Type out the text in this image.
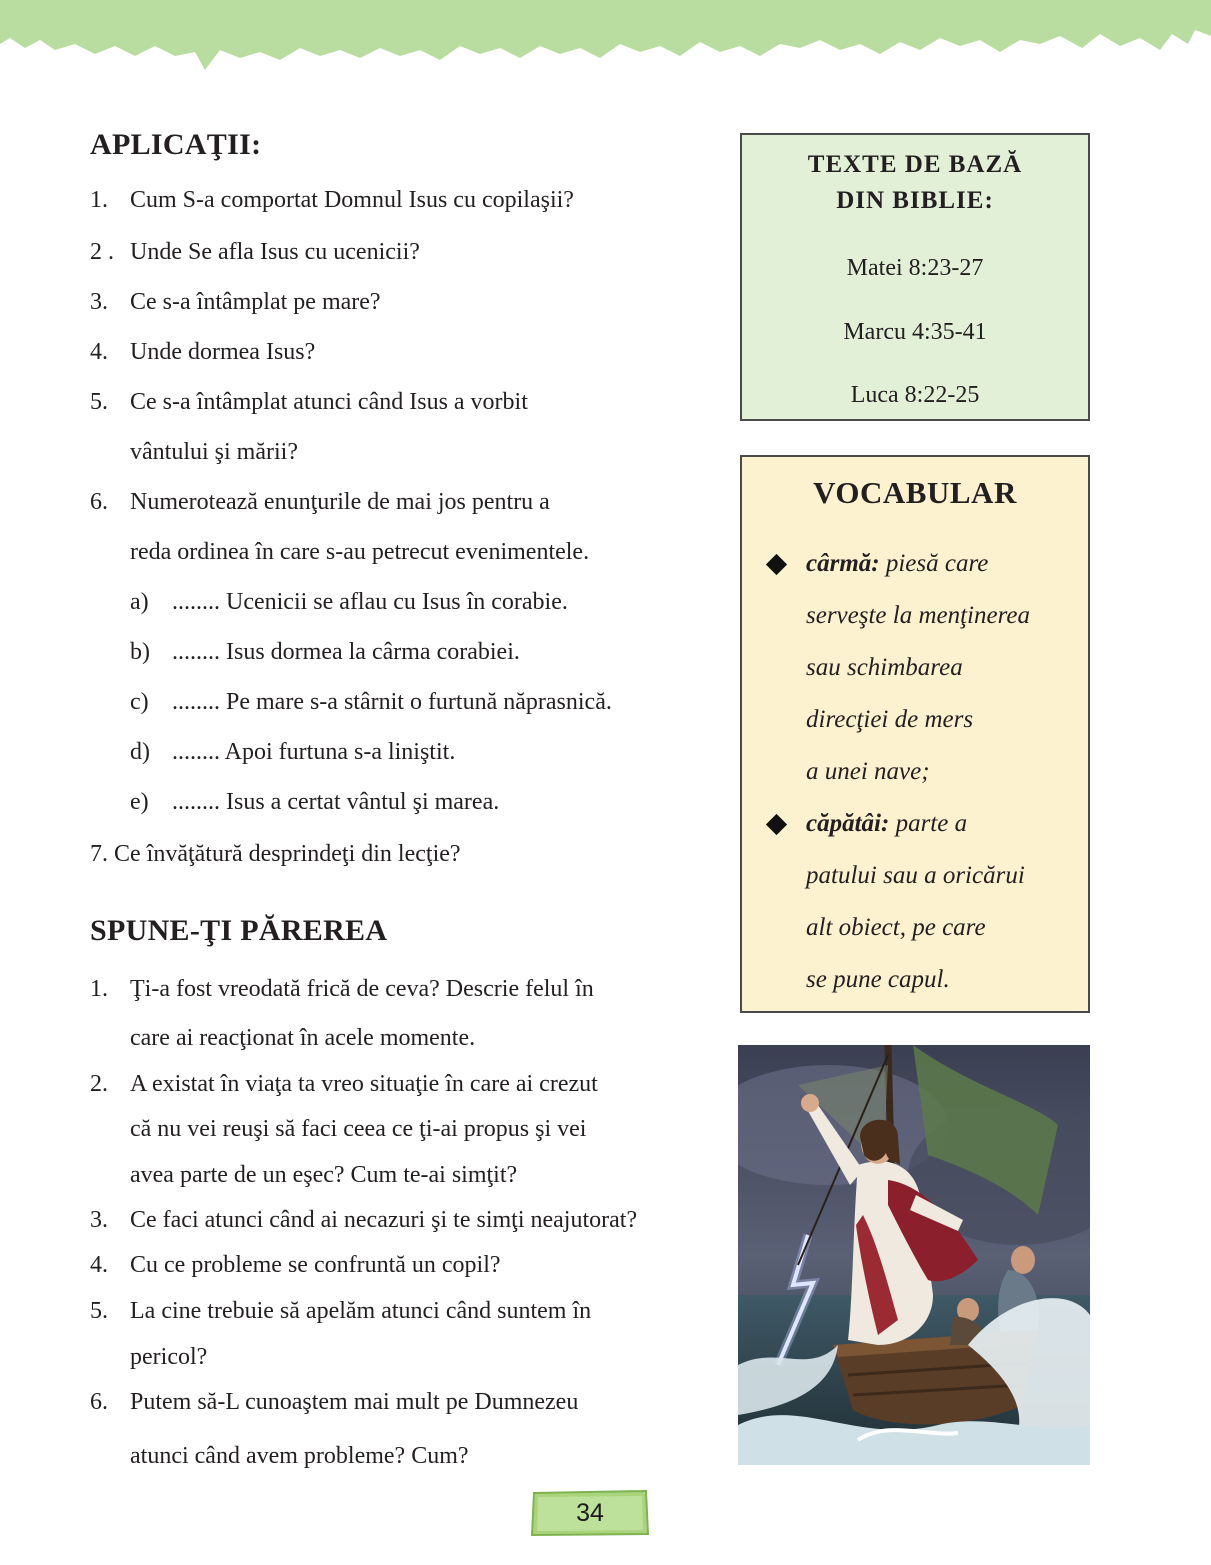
APLICAŢII:
1. Cum S-a comportat Domnul Isus cu copilaşii?
2 . Unde Se afla Isus cu ucenicii?
3. Ce s-a întâmplat pe mare?
4. Unde dormea Isus?
5. Ce s-a întâmplat atunci când Isus a vorbit
vântului şi mării?
6. Numerotează enunţurile de mai jos pentru a
reda ordinea în care s-au petrecut evenimentele.
a) ........ Ucenicii se aflau cu Isus în corabie.
b) ........ Isus dormea la cârma corabiei.
c) ........ Pe mare s-a stârnit o furtună năprasnică.
d) ........ Apoi furtuna s-a liniştit.
e) ........ Isus a certat vântul şi marea.
7. Ce învăţătură desprindeţi din lecţie?
SPUNE-ŢI PĂREREA
1. Ţi-a fost vreodată frică de ceva? Descrie felul în
care ai reacţionat în acele momente.
2. A existat în viaţa ta vreo situaţie în care ai crezut
că nu vei reuşi să faci ceea ce ţi-ai propus şi vei
avea parte de un eşec? Cum te-ai simţit?
3. Ce faci atunci când ai necazuri şi te simţi neajutorat?
4. Cu ce probleme se confruntă un copil?
5. La cine trebuie să apelăm atunci când suntem în
pericol?
6. Putem să-L cunoaştem mai mult pe Dumnezeu
atunci când avem probleme? Cum?
TEXTE DE BAZĂ
DIN BIBLIE:
Matei 8:23-27
Marcu 4:35-41
Luca 8:22-25
VOCABULAR
cârmă: piesă care
serveşte la menţinerea
sau schimbarea
direcţiei de mers
a unei nave;
căpătâi: parte a
patului sau a oricărui
alt obiect, pe care
se pune capul.
34
